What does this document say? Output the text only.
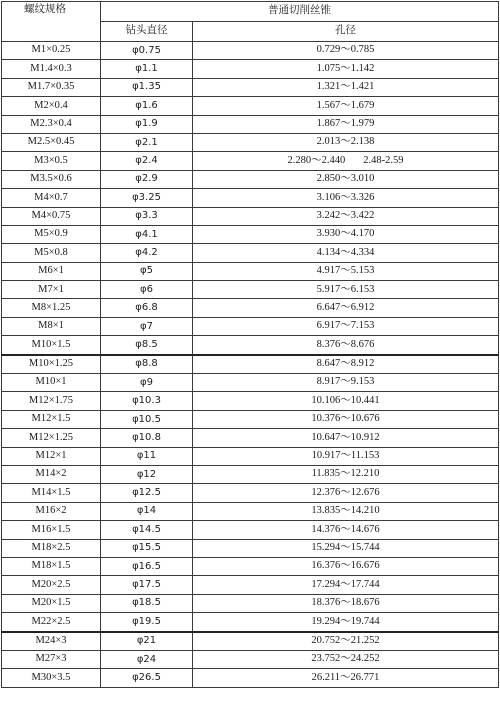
螺纹规格	普通切削丝锥	
	钻头直径	孔径
M1×0.25	φ0.75	0.729～0.785
M1.4×0.3	φ1.1	1.075～1.142
M1.7×0.35	φ1.35	1.321～1.421
M2×0.4	φ1.6	1.567～1.679
M2.3×0.4	φ1.9	1.867～1.979
M2.5×0.45	φ2.1	2.013～2.138
M3×0.5	φ2.4	2.280～2.440 2.48-2.59
M3.5×0.6	φ2.9	2.850～3.010
M4×0.7	φ3.25	3.106～3.326
M4×0.75	φ3.3	3.242～3.422
M5×0.9	φ4.1	3.930～4.170
M5×0.8	φ4.2	4.134～4.334
M6×1	φ5	4.917～5.153
M7×1	φ6	5.917～6.153
M8×1.25	φ6.8	6.647～6.912
M8×1	φ7	6.917～7.153
M10×1.5	φ8.5	8.376～8.676
M10×1.25	φ8.8	8.647～8.912
M10×1	φ9	8.917～9.153
M12×1.75	φ10.3	10.106～10.441
M12×1.5	φ10.5	10.376～10.676
M12×1.25	φ10.8	10.647～10.912
M12×1	φ11	10.917～11.153
M14×2	φ12	11.835～12.210
M14×1.5	φ12.5	12.376～12.676
M16×2	φ14	13.835～14.210
M16×1.5	φ14.5	14.376～14.676
M18×2.5	φ15.5	15.294～15.744
M18×1.5	φ16.5	16.376～16.676
M20×2.5	φ17.5	17.294～17.744
M20×1.5	φ18.5	18.376～18.676
M22×2.5	φ19.5	19.294～19.744
M24×3	φ21	20.752～21.252
M27×3	φ24	23.752～24.252
M30×3.5	φ26.5	26.211～26.771
